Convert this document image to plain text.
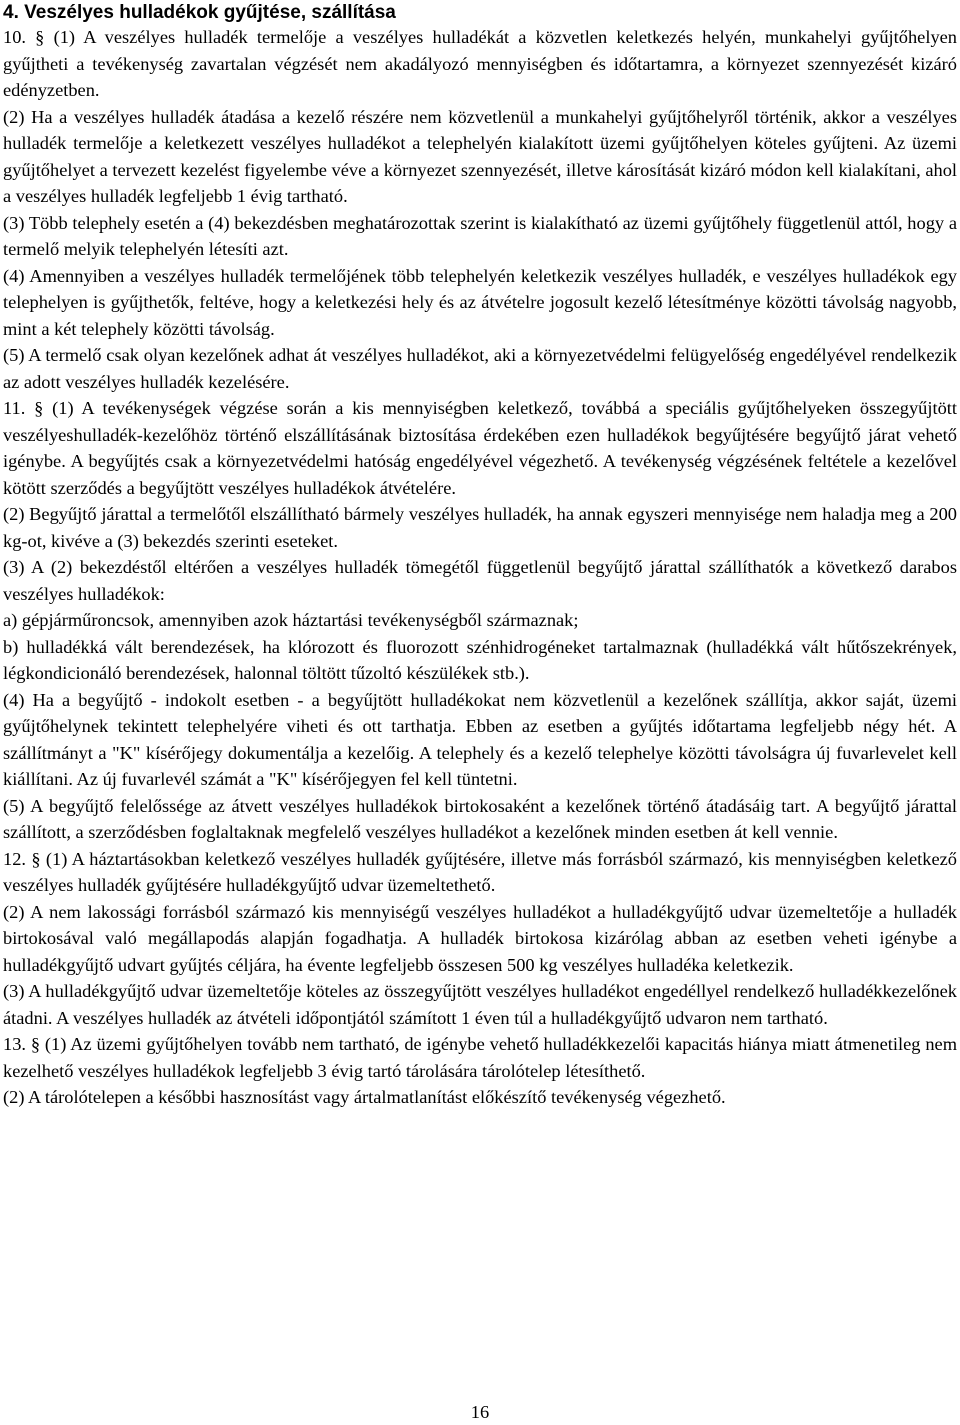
4. Veszélyes hulladékok gyűjtése, szállítása

10. § (1) A veszélyes hulladék termelője a veszélyes hulladékát a közvetlen keletkezés helyén, munkahelyi gyűjtőhelyen gyűjtheti a tevékenység zavartalan végzését nem akadályozó mennyiségben és időtartamra, a környezet szennyezését kizáró edényzetben.

(2) Ha a veszélyes hulladék átadása a kezelő részére nem közvetlenül a munkahelyi gyűjtőhelyről történik, akkor a veszélyes hulladék termelője a keletkezett veszélyes hulladékot a telephelyén kialakított üzemi gyűjtőhelyen köteles gyűjteni. Az üzemi gyűjtőhelyet a tervezett kezelést figyelembe véve a környezet szennyezését, illetve károsítását kizáró módon kell kialakítani, ahol a veszélyes hulladék legfeljebb 1 évig tartható.

(3) Több telephely esetén a (4) bekezdésben meghatározottak szerint is kialakítható az üzemi gyűjtőhely függetlenül attól, hogy a termelő melyik telephelyén létesíti azt.

(4) Amennyiben a veszélyes hulladék termelőjének több telephelyén keletkezik veszélyes hulladék, e veszélyes hulladékok egy telephelyen is gyűjthetők, feltéve, hogy a keletkezési hely és az átvételre jogosult kezelő létesítménye közötti távolság nagyobb, mint a két telephely közötti távolság.

(5) A termelő csak olyan kezelőnek adhat át veszélyes hulladékot, aki a környezetvédelmi felügyelőség engedélyével rendelkezik az adott veszélyes hulladék kezelésére.

11. § (1) A tevékenységek végzése során a kis mennyiségben keletkező, továbbá a speciális gyűjtőhelyeken összegyűjtött veszélyeshulladék-kezelőhöz történő elszállításának biztosítása érdekében ezen hulladékok begyűjtésére begyűjtő járat vehető igénybe. A begyűjtés csak a környezetvédelmi hatóság engedélyével végezhető. A tevékenység végzésének feltétele a kezelővel kötött szerződés a begyűjtött veszélyes hulladékok átvételére.

(2) Begyűjtő járattal a termelőtől elszállítható bármely veszélyes hulladék, ha annak egyszeri mennyisége nem haladja meg a 200 kg-ot, kivéve a (3) bekezdés szerinti eseteket.

(3) A (2) bekezdéstől eltérően a veszélyes hulladék tömegétől függetlenül begyűjtő járattal szállíthatók a következő darabos veszélyes hulladékok:

a) gépjárműroncsok, amennyiben azok háztartási tevékenységből származnak;

b) hulladékká vált berendezések, ha klórozott és fluorozott szénhidrogéneket tartalmaznak (hulladékká vált hűtőszekrények, légkondicionáló berendezések, halonnal töltött tűzoltó készülékek stb.).

(4) Ha a begyűjtő - indokolt esetben - a begyűjtött hulladékokat nem közvetlenül a kezelőnek szállítja, akkor saját, üzemi gyűjtőhelynek tekintett telephelyére viheti és ott tarthatja. Ebben az esetben a gyűjtés időtartama legfeljebb négy hét. A szállítmányt a "K" kísérőjegy dokumentálja a kezelőig. A telephely és a kezelő telephelye közötti távolságra új fuvarlevelet kell kiállítani. Az új fuvarlevél számát a "K" kísérőjegyen fel kell tüntetni.

(5) A begyűjtő felelőssége az átvett veszélyes hulladékok birtokosaként a kezelőnek történő átadásáig tart. A begyűjtő járattal szállított, a szerződésben foglaltaknak megfelelő veszélyes hulladékot a kezelőnek minden esetben át kell vennie.

12. § (1) A háztartásokban keletkező veszélyes hulladék gyűjtésére, illetve más forrásból származó, kis mennyiségben keletkező veszélyes hulladék gyűjtésére hulladékgyűjtő udvar üzemeltethető.

(2) A nem lakossági forrásból származó kis mennyiségű veszélyes hulladékot a hulladékgyűjtő udvar üzemeltetője a hulladék birtokosával való megállapodás alapján fogadhatja. A hulladék birtokosa kizárólag abban az esetben veheti igénybe a hulladékgyűjtő udvart gyűjtés céljára, ha évente legfeljebb összesen 500 kg veszélyes hulladéka keletkezik.

(3) A hulladékgyűjtő udvar üzemeltetője köteles az összegyűjtött veszélyes hulladékot engedéllyel rendelkező hulladékkezelőnek átadni. A veszélyes hulladék az átvételi időpontjától számított 1 éven túl a hulladékgyűjtő udvaron nem tartható.

13. § (1) Az üzemi gyűjtőhelyen tovább nem tartható, de igénybe vehető hulladékkezelői kapacitás hiánya miatt átmenetileg nem kezelhető veszélyes hulladékok legfeljebb 3 évig tartó tárolására tárolótelep létesíthető.

(2) A tárolótelepen a későbbi hasznosítást vagy ártalmatlanítást előkészítő tevékenység végezhető.

16
